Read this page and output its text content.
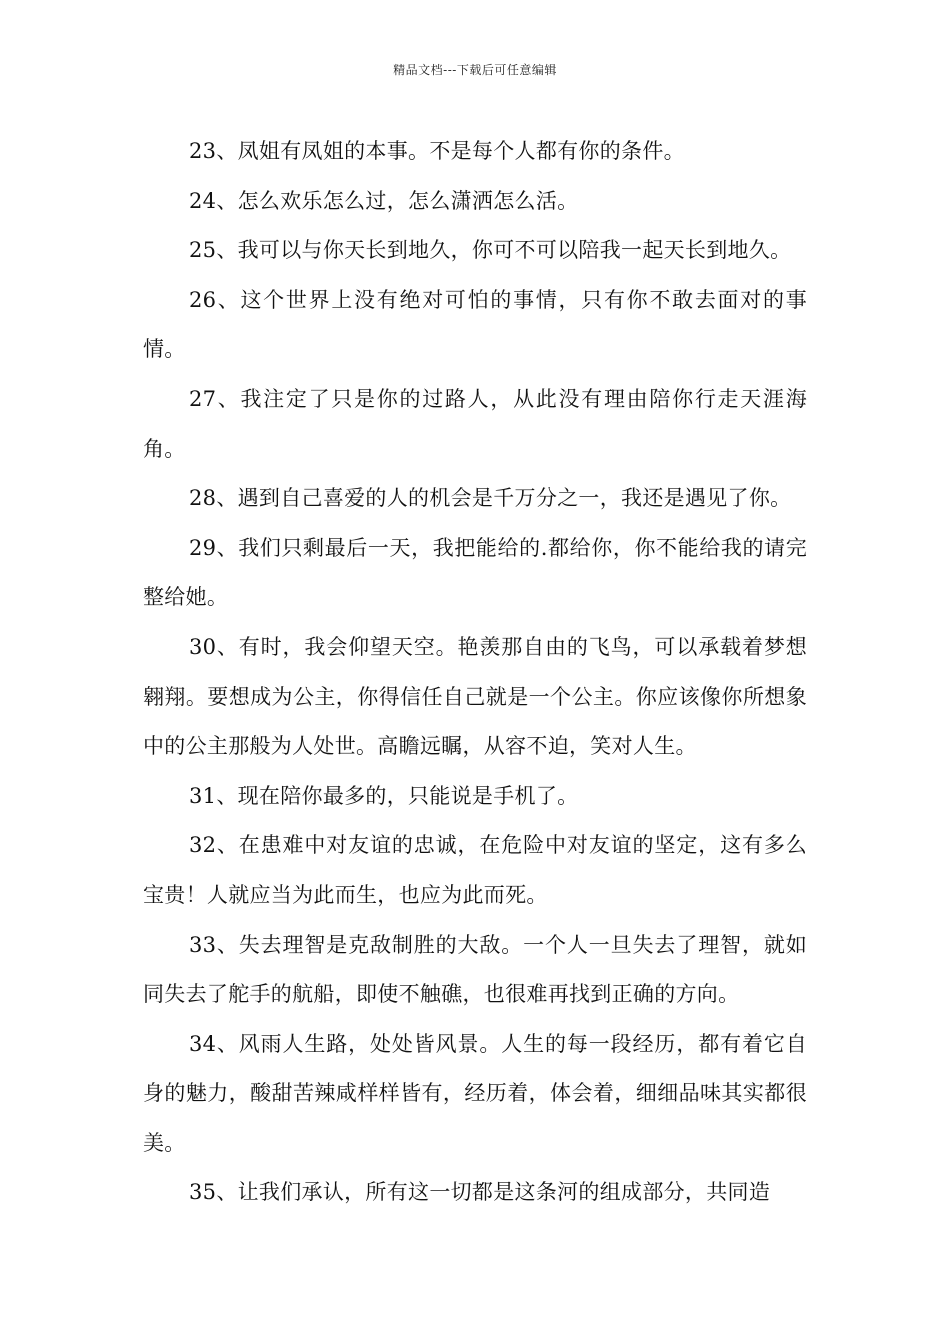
精品文档---下载后可任意编辑

23、凤姐有凤姐的本事。不是每个人都有你的条件。

24、怎么欢乐怎么过，怎么潇洒怎么活。

25、我可以与你天长到地久，你可不可以陪我一起天长到地久。

26、这个世界上没有绝对可怕的事情，只有你不敢去面对的事情。

27、我注定了只是你的过路人，从此没有理由陪你行走天涯海角。

28、遇到自己喜爱的人的机会是千万分之一，我还是遇见了你。

29、我们只剩最后一天，我把能给的.都给你，你不能给我的请完整给她。

30、有时，我会仰望天空。艳羡那自由的飞鸟，可以承载着梦想翱翔。要想成为公主，你得信任自己就是一个公主。你应该像你所想象中的公主那般为人处世。高瞻远瞩，从容不迫，笑对人生。

31、现在陪你最多的，只能说是手机了。

32、在患难中对友谊的忠诚，在危险中对友谊的坚定，这有多么宝贵！人就应当为此而生，也应为此而死。

33、失去理智是克敌制胜的大敌。一个人一旦失去了理智，就如同失去了舵手的航船，即使不触礁，也很难再找到正确的方向。

34、风雨人生路，处处皆风景。人生的每一段经历，都有着它自身的魅力，酸甜苦辣咸样样皆有，经历着，体会着，细细品味其实都很美。

35、让我们承认，所有这一切都是这条河的组成部分，共同造
